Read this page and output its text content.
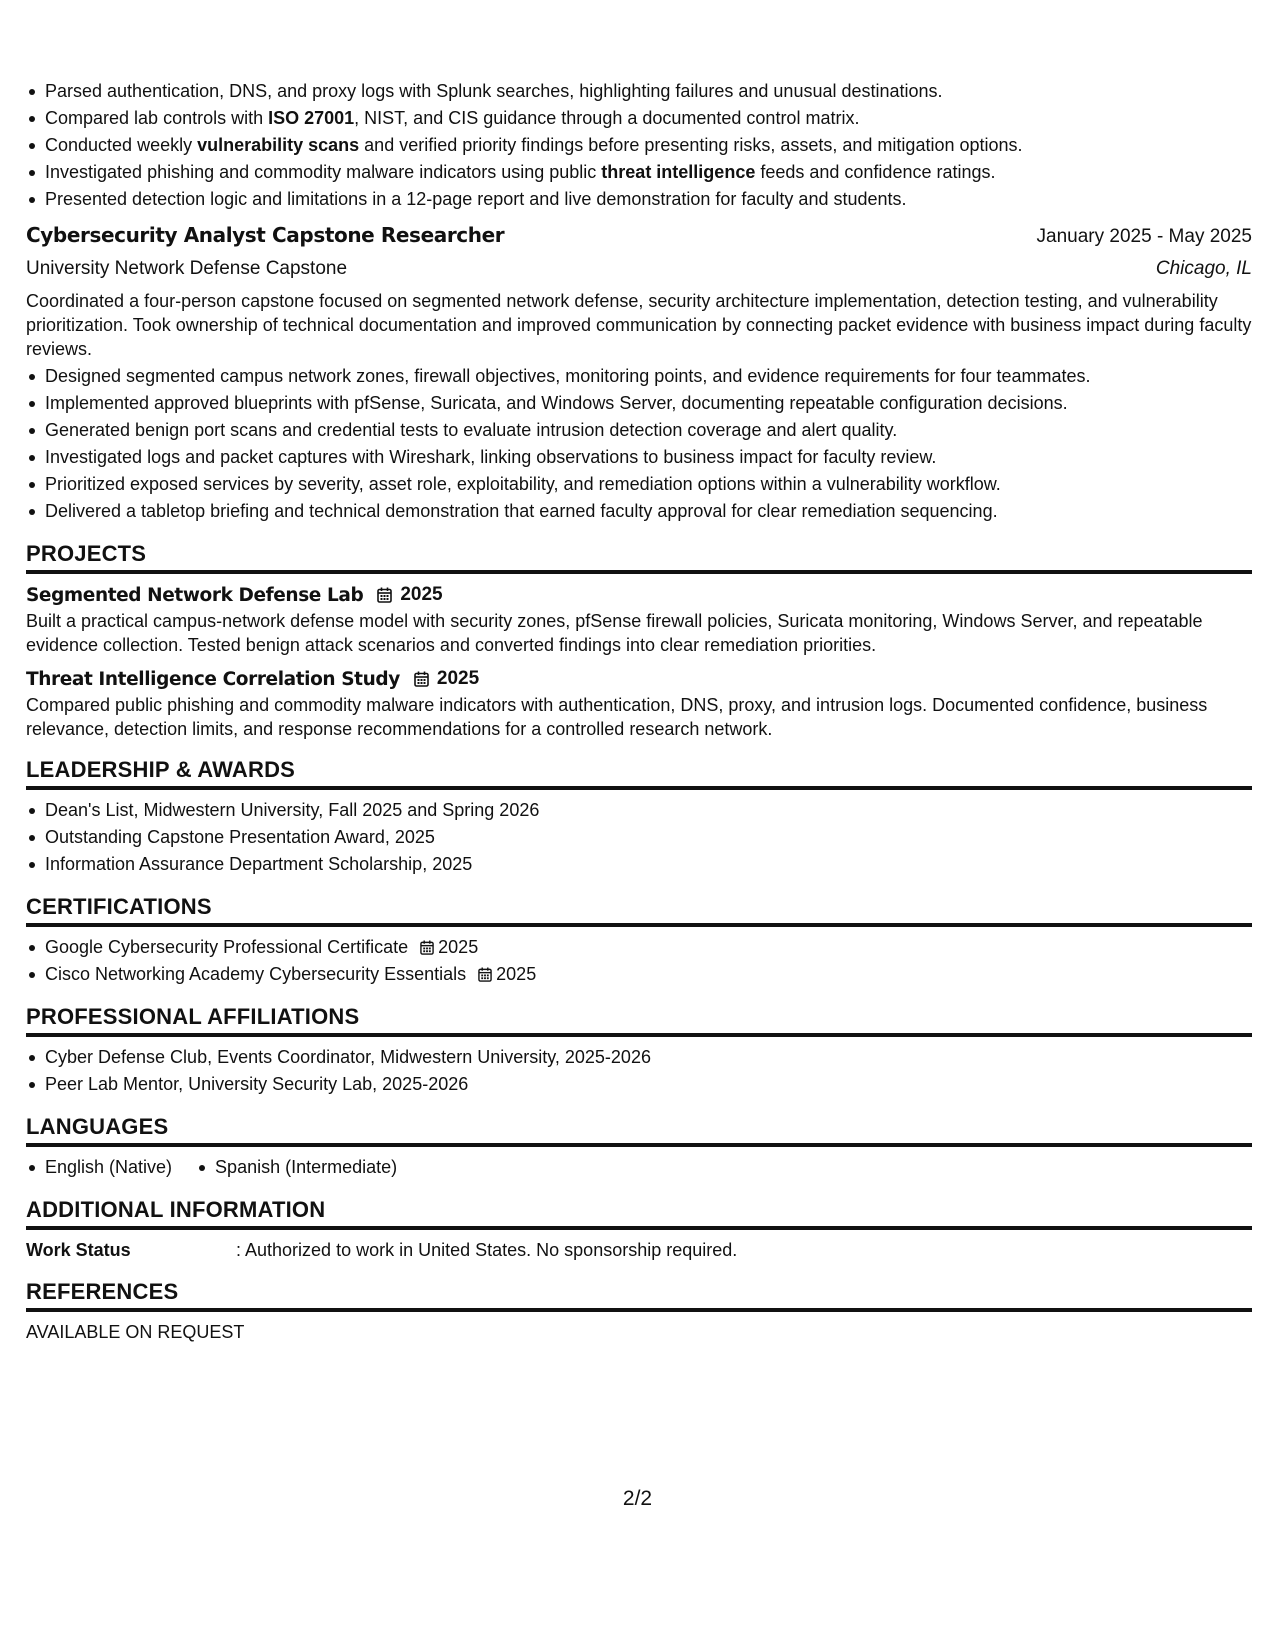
Parsed authentication, DNS, and proxy logs with Splunk searches, highlighting failures and unusual destinations.
Compared lab controls with ISO 27001, NIST, and CIS guidance through a documented control matrix.
Conducted weekly vulnerability scans and verified priority findings before presenting risks, assets, and mitigation options.
Investigated phishing and commodity malware indicators using public threat intelligence feeds and confidence ratings.
Presented detection logic and limitations in a 12-page report and live demonstration for faculty and students.
Cybersecurity Analyst Capstone Researcher	January 2025 - May 2025
University Network Defense Capstone	Chicago, IL
Coordinated a four-person capstone focused on segmented network defense, security architecture implementation, detection testing, and vulnerability prioritization. Took ownership of technical documentation and improved communication by connecting packet evidence with business impact during faculty reviews.
Designed segmented campus network zones, firewall objectives, monitoring points, and evidence requirements for four teammates.
Implemented approved blueprints with pfSense, Suricata, and Windows Server, documenting repeatable configuration decisions.
Generated benign port scans and credential tests to evaluate intrusion detection coverage and alert quality.
Investigated logs and packet captures with Wireshark, linking observations to business impact for faculty review.
Prioritized exposed services by severity, asset role, exploitability, and remediation options within a vulnerability workflow.
Delivered a tabletop briefing and technical demonstration that earned faculty approval for clear remediation sequencing.
PROJECTS
Segmented Network Defense Lab 2025
Built a practical campus-network defense model with security zones, pfSense firewall policies, Suricata monitoring, Windows Server, and repeatable evidence collection. Tested benign attack scenarios and converted findings into clear remediation priorities.
Threat Intelligence Correlation Study 2025
Compared public phishing and commodity malware indicators with authentication, DNS, proxy, and intrusion logs. Documented confidence, business relevance, detection limits, and response recommendations for a controlled research network.
LEADERSHIP & AWARDS
Dean's List, Midwestern University, Fall 2025 and Spring 2026
Outstanding Capstone Presentation Award, 2025
Information Assurance Department Scholarship, 2025
CERTIFICATIONS
Google Cybersecurity Professional Certificate 2025
Cisco Networking Academy Cybersecurity Essentials 2025
PROFESSIONAL AFFILIATIONS
Cyber Defense Club, Events Coordinator, Midwestern University, 2025-2026
Peer Lab Mentor, University Security Lab, 2025-2026
LANGUAGES
English (Native)	Spanish (Intermediate)
ADDITIONAL INFORMATION
Work Status	: Authorized to work in United States. No sponsorship required.
REFERENCES
AVAILABLE ON REQUEST
2/2
